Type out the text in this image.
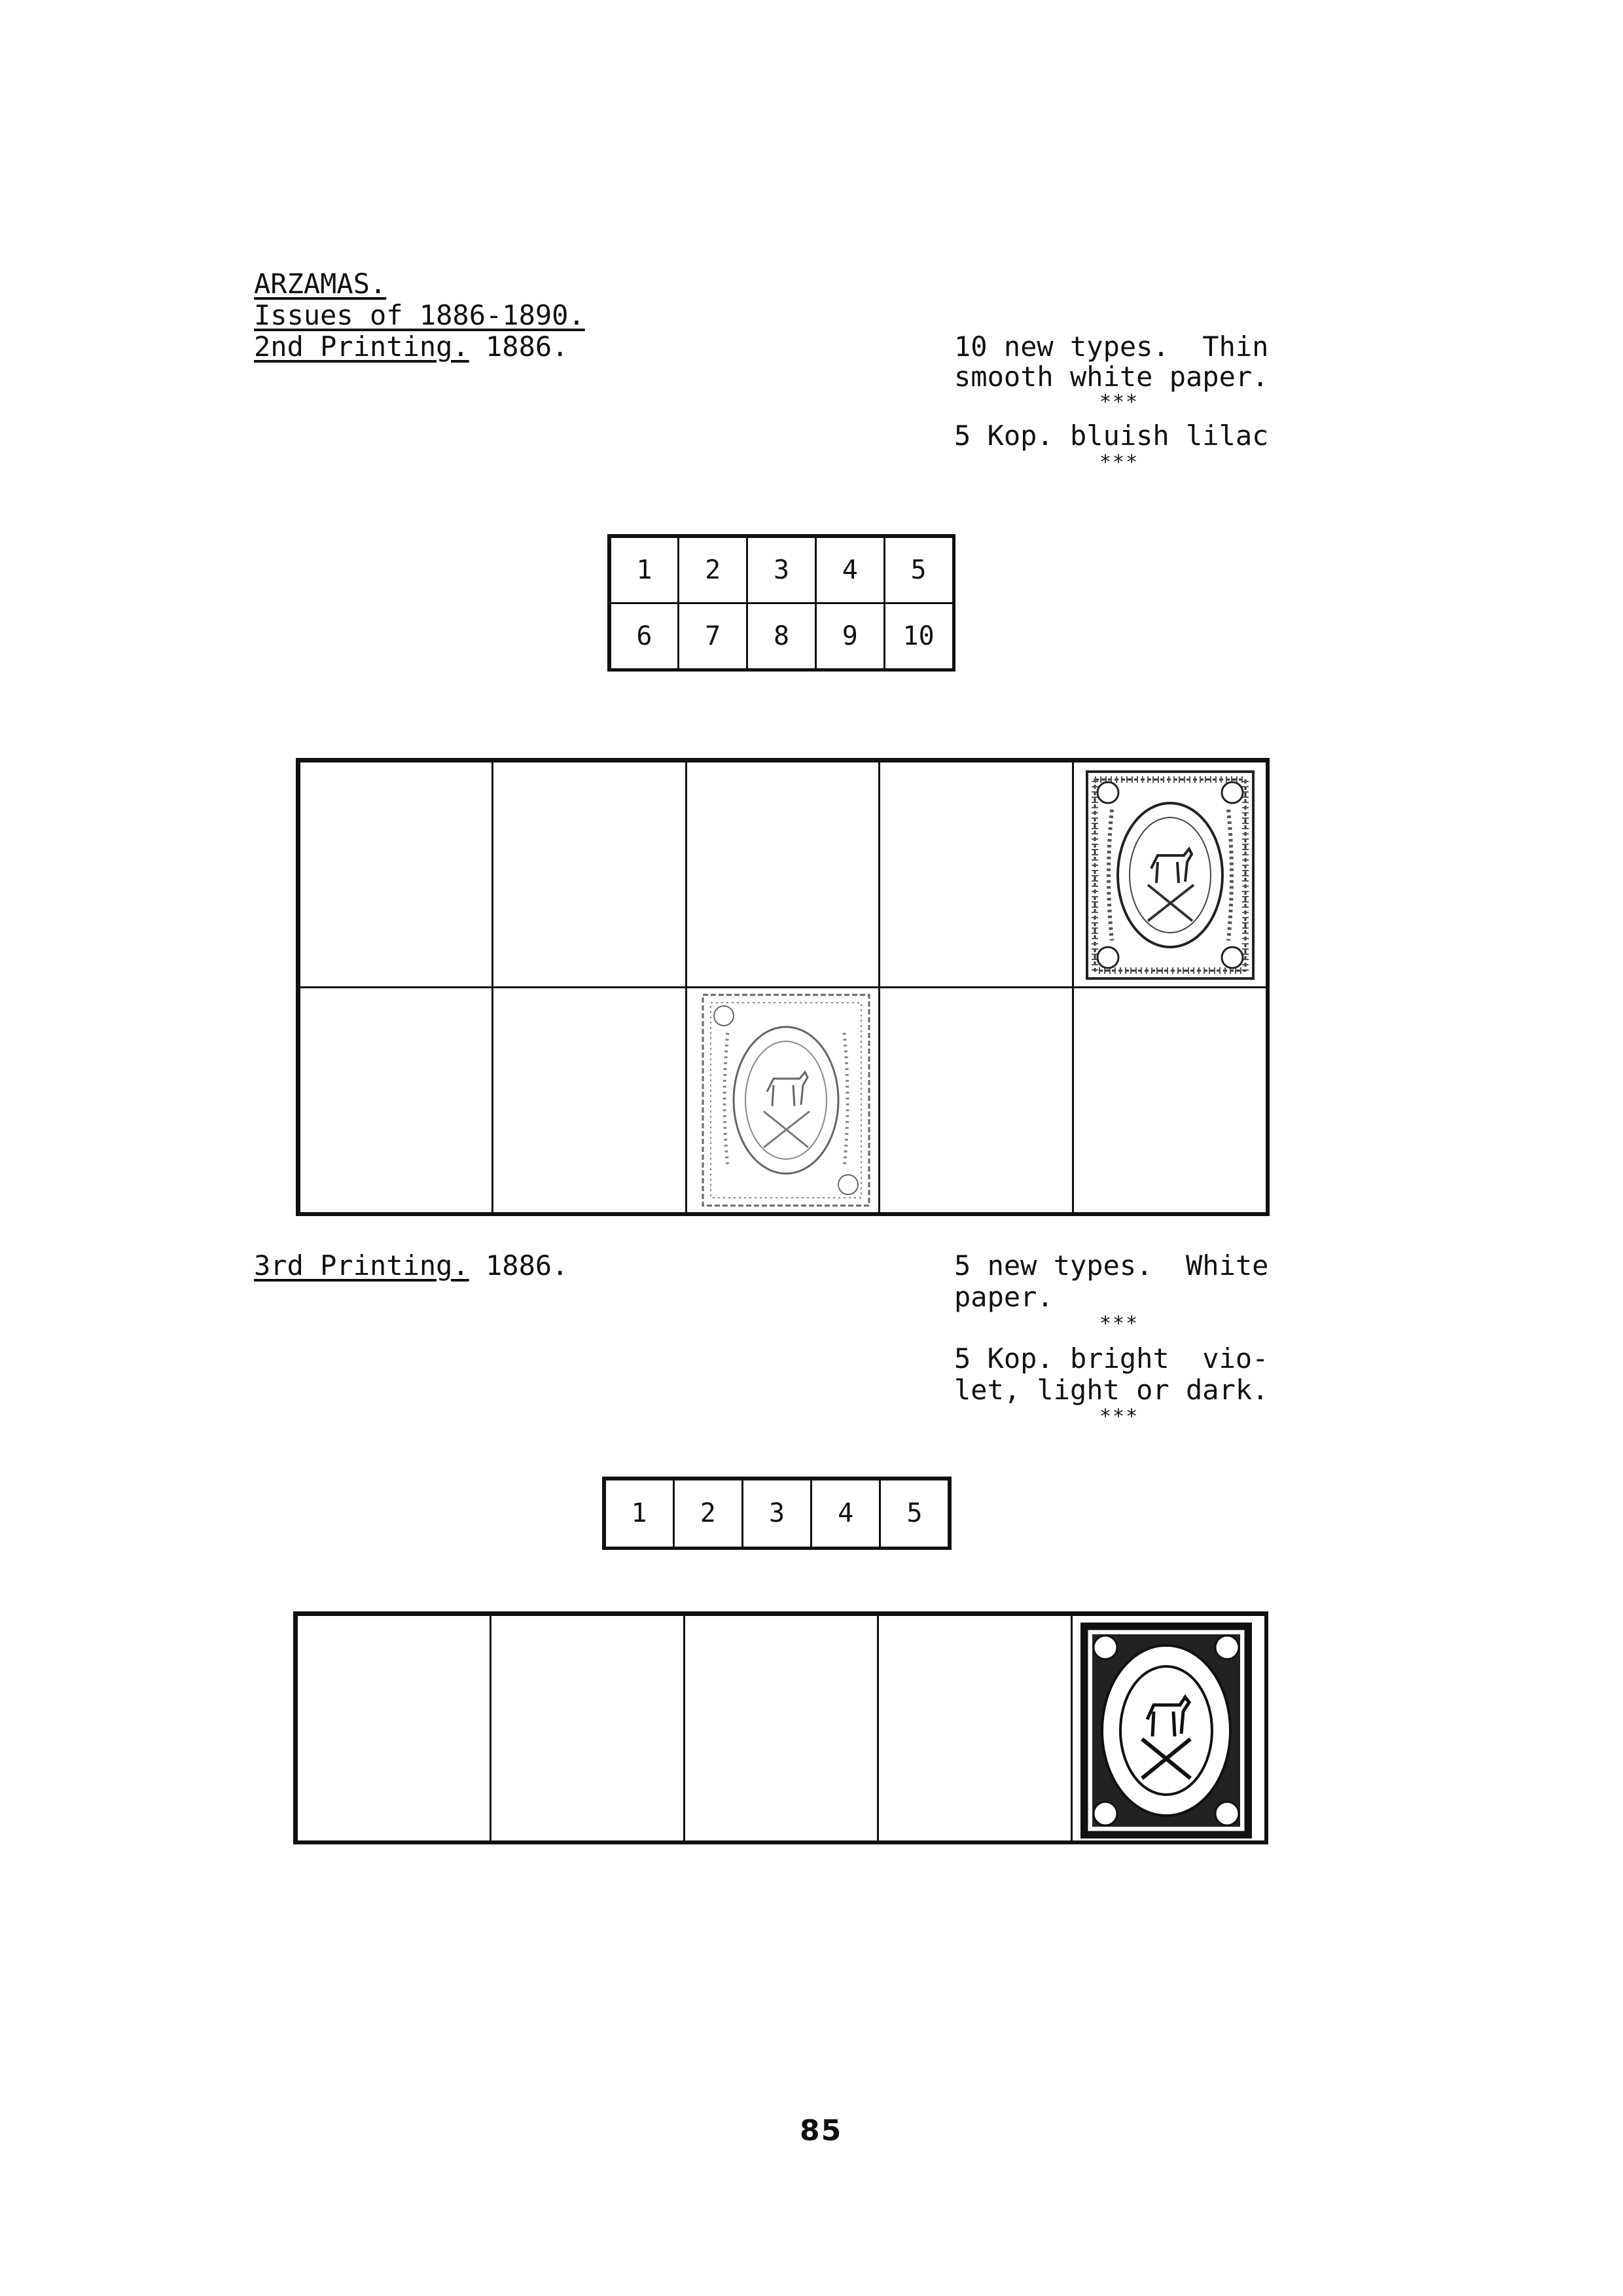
ARZAMAS.
Issues of 1886-1890.
2nd Printing. 1886.	10 new types.  Thin
smooth white paper.
***
5 Kop. bluish lilac
***
1	2	3	4	5
6	7	8	9	10
3rd Printing. 1886.	5 new types.  White
paper.
***
5 Kop. bright  vio-
let, light or dark.
***
1	2	3	4	5
85
